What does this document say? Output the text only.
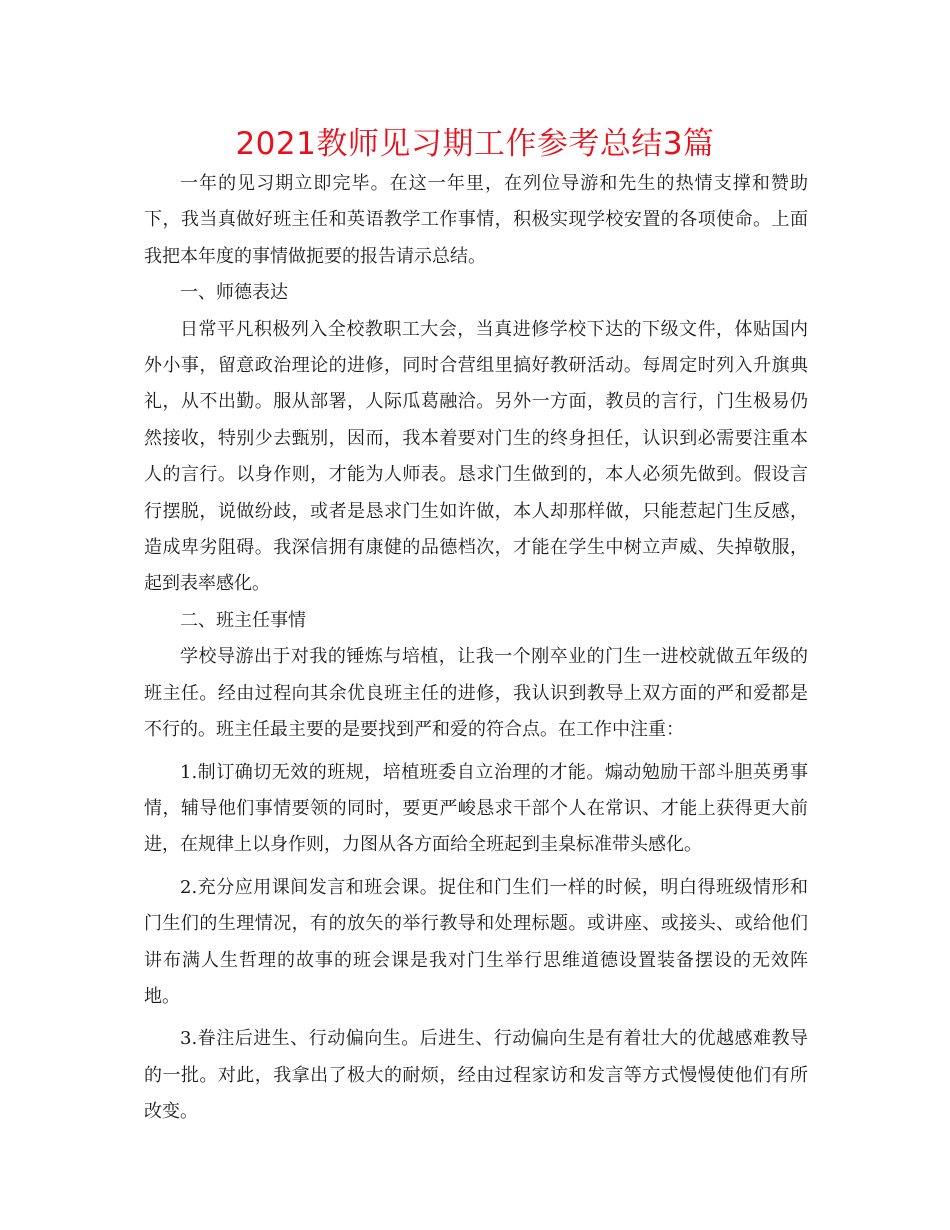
2021教师见习期工作参考总结3篇

一年的见习期立即完毕。在这一年里，在列位导游和先生的热情支撑和赞助下，我当真做好班主任和英语教学工作事情，积极实现学校安置的各项使命。上面我把本年度的事情做扼要的报告请示总结。

一、师德表达

日常平凡积极列入全校教职工大会，当真进修学校下达的下级文件，体贴国内外小事，留意政治理论的进修，同时合营组里搞好教研活动。每周定时列入升旗典礼，从不出勤。服从部署，人际瓜葛融洽。另外一方面，教员的言行，门生极易仍然接收，特别少去甄别，因而，我本着要对门生的终身担任，认识到必需要注重本人的言行。以身作则，才能为人师表。恳求门生做到的，本人必须先做到。假设言行摆脱，说做纷歧，或者是恳求门生如许做，本人却那样做，只能惹起门生反感，造成卑劣阻碍。我深信拥有康健的品德档次，才能在学生中树立声威、失掉敬服，起到表率感化。

二、班主任事情

学校导游出于对我的锤炼与培植，让我一个刚卒业的门生一进校就做五年级的班主任。经由过程向其余优良班主任的进修，我认识到教导上双方面的严和爱都是不行的。班主任最主要的是要找到严和爱的符合点。在工作中注重：

1.制订确切无效的班规，培植班委自立治理的才能。煽动勉励干部斗胆英勇事情，辅导他们事情要领的同时，要更严峻恳求干部个人在常识、才能上获得更大前进，在规律上以身作则，力图从各方面给全班起到圭臬标准带头感化。

2.充分应用课间发言和班会课。捉住和门生们一样的时候，明白得班级情形和门生们的生理情况，有的放矢的举行教导和处理标题。或讲座、或接头、或给他们讲布满人生哲理的故事的班会课是我对门生举行思维道德设置装备摆设的无效阵地。

3.眷注后进生、行动偏向生。后进生、行动偏向生是有着壮大的优越感难教导的一批。对此，我拿出了极大的耐烦，经由过程家访和发言等方式慢慢使他们有所改变。
